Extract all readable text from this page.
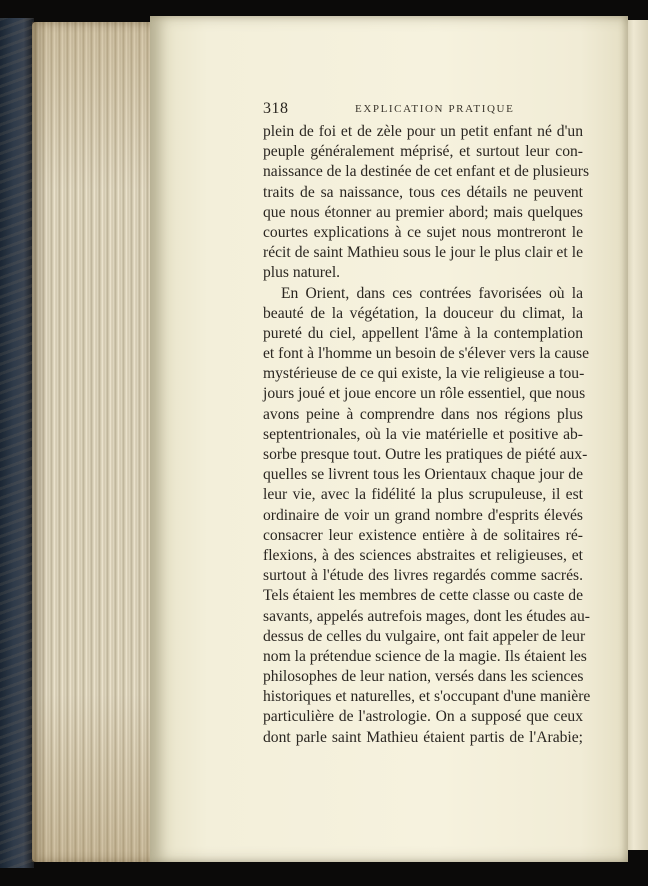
318	EXPLICATION PRATIQUE
plein de foi et de zèle pour un petit enfant né d'un
peuple généralement méprisé, et surtout leur con-
naissance de la destinée de cet enfant et de plusieurs
traits de sa naissance, tous ces détails ne peuvent
que nous étonner au premier abord; mais quelques
courtes explications à ce sujet nous montreront le
récit de saint Mathieu sous le jour le plus clair et le
plus naturel.
En Orient, dans ces contrées favorisées où la
beauté de la végétation, la douceur du climat, la
pureté du ciel, appellent l'âme à la contemplation
et font à l'homme un besoin de s'élever vers la cause
mystérieuse de ce qui existe, la vie religieuse a tou-
jours joué et joue encore un rôle essentiel, que nous
avons peine à comprendre dans nos régions plus
septentrionales, où la vie matérielle et positive ab-
sorbe presque tout. Outre les pratiques de piété aux-
quelles se livrent tous les Orientaux chaque jour de
leur vie, avec la fidélité la plus scrupuleuse, il est
ordinaire de voir un grand nombre d'esprits élevés
consacrer leur existence entière à de solitaires ré-
flexions, à des sciences abstraites et religieuses, et
surtout à l'étude des livres regardés comme sacrés.
Tels étaient les membres de cette classe ou caste de
savants, appelés autrefois mages, dont les études au-
dessus de celles du vulgaire, ont fait appeler de leur
nom la prétendue science de la magie. Ils étaient les
philosophes de leur nation, versés dans les sciences
historiques et naturelles, et s'occupant d'une manière
particulière de l'astrologie. On a supposé que ceux
dont parle saint Mathieu étaient partis de l'Arabie;
